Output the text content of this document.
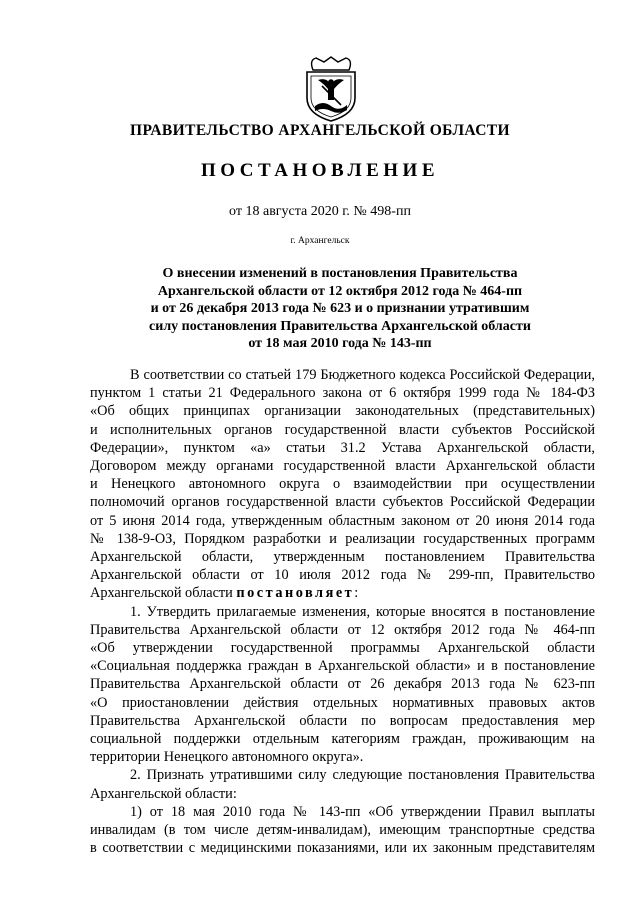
ПРАВИТЕЛЬСТВО АРХАНГЕЛЬСКОЙ ОБЛАСТИ
ПОСТАНОВЛЕНИЕ
от 18 августа 2020 г. № 498-пп
г. Архангельск
О внесении изменений в постановления Правительства
Архангельской области от 12 октября 2012 года № 464-пп
и от 26 декабря 2013 года № 623 и о признании утратившим
силу постановления Правительства Архангельской области
от 18 мая 2010 года № 143-пп
В соответствии со статьей 179 Бюджетного кодекса Российской Федерации,
пунктом 1 статьи 21 Федерального закона от 6 октября 1999 года № 184-ФЗ
«Об общих принципах организации законодательных (представительных)
и исполнительных органов государственной власти субъектов Российской
Федерации», пунктом «а» статьи 31.2 Устава Архангельской области,
Договором между органами государственной власти Архангельской области
и Ненецкого автономного округа о взаимодействии при осуществлении
полномочий органов государственной власти субъектов Российской Федерации
от 5 июня 2014 года, утвержденным областным законом от 20 июня 2014 года
№ 138-9-ОЗ, Порядком разработки и реализации государственных программ
Архангельской области, утвержденным постановлением Правительства
Архангельской области от 10 июля 2012 года № 299-пп, Правительство
Архангельской области постановляет:
1. Утвердить прилагаемые изменения, которые вносятся в постановление
Правительства Архангельской области от 12 октября 2012 года № 464-пп
«Об утверждении государственной программы Архангельской области
«Социальная поддержка граждан в Архангельской области» и в постановление
Правительства Архангельской области от 26 декабря 2013 года № 623-пп
«О приостановлении действия отдельных нормативных правовых актов
Правительства Архангельской области по вопросам предоставления мер
социальной поддержки отдельным категориям граждан, проживающим на
территории Ненецкого автономного округа».
2. Признать утратившими силу следующие постановления Правительства
Архангельской области:
1) от 18 мая 2010 года № 143-пп «Об утверждении Правил выплаты
инвалидам (в том числе детям-инвалидам), имеющим транспортные средства
в соответствии с медицинскими показаниями, или их законным представителям
